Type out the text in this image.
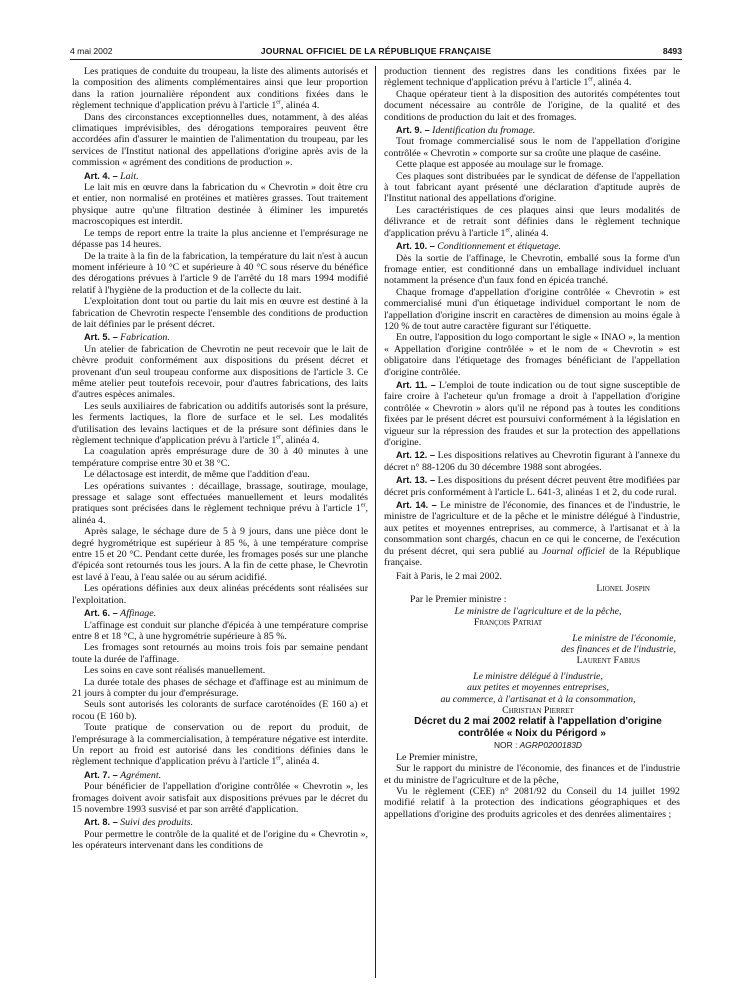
4 mai 2002	JOURNAL OFFICIEL DE LA RÉPUBLIQUE FRANÇAISE	8493

Les pratiques de conduite du troupeau, la liste des aliments autorisés et la composition des aliments complémentaires ainsi que leur proportion dans la ration journalière répondent aux conditions fixées dans le règlement technique d'application prévu à l'article 1er, alinéa 4.

Dans des circonstances exceptionnelles dues, notamment, à des aléas climatiques imprévisibles, des dérogations temporaires peuvent être accordées afin d'assurer le maintien de l'alimentation du troupeau, par les services de l'Institut national des appellations d'origine après avis de la commission « agrément des conditions de production ».

Art. 4. – Lait.

Le lait mis en œuvre dans la fabrication du « Chevrotin » doit être cru et entier, non normalisé en protéines et matières grasses. Tout traitement physique autre qu'une filtration destinée à éliminer les impuretés macroscopiques est interdit.

Le temps de report entre la traite la plus ancienne et l'emprésurage ne dépasse pas 14 heures.

De la traite à la fin de la fabrication, la température du lait n'est à aucun moment inférieure à 10 °C et supérieure à 40 °C sous réserve du bénéfice des dérogations prévues à l'article 9 de l'arrêté du 18 mars 1994 modifié relatif à l'hygiène de la production et de la collecte du lait.

L'exploitation dont tout ou partie du lait mis en œuvre est destiné à la fabrication de Chevrotin respecte l'ensemble des conditions de production de lait définies par le présent décret.

Art. 5. – Fabrication.

Un atelier de fabrication de Chevrotin ne peut recevoir que le lait de chèvre produit conformément aux dispositions du présent décret et provenant d'un seul troupeau conforme aux dispositions de l'article 3. Ce même atelier peut toutefois recevoir, pour d'autres fabrications, des laits d'autres espèces animales.

Les seuls auxiliaires de fabrication ou additifs autorisés sont la présure, les ferments lactiques, la flore de surface et le sel. Les modalités d'utilisation des levains lactiques et de la présure sont définies dans le règlement technique d'application prévu à l'article 1er, alinéa 4.

La coagulation après emprésurage dure de 30 à 40 minutes à une température comprise entre 30 et 38 °C.

Le délactosage est interdit, de même que l'addition d'eau.

Les opérations suivantes : décaillage, brassage, soutirage, moulage, pressage et salage sont effectuées manuellement et leurs modalités pratiques sont précisées dans le règlement technique prévu à l'article 1er, alinéa 4.

Après salage, le séchage dure de 5 à 9 jours, dans une pièce dont le degré hygrométrique est supérieur à 85 %, à une température comprise entre 15 et 20 °C. Pendant cette durée, les fromages posés sur une planche d'épicéa sont retournés tous les jours. A la fin de cette phase, le Chevrotin est lavé à l'eau, à l'eau salée ou au sérum acidifié.

Les opérations définies aux deux alinéas précédents sont réalisées sur l'exploitation.

Art. 6. – Affinage.

L'affinage est conduit sur planche d'épicéa à une température comprise entre 8 et 18 °C, à une hygrométrie supérieure à 85 %.

Les fromages sont retournés au moins trois fois par semaine pendant toute la durée de l'affinage.

Les soins en cave sont réalisés manuellement.

La durée totale des phases de séchage et d'affinage est au minimum de 21 jours à compter du jour d'emprésurage.

Seuls sont autorisés les colorants de surface caroténoïdes (E 160 a) et rocou (E 160 b).

Toute pratique de conservation ou de report du produit, de l'emprésurage à la commercialisation, à température négative est interdite. Un report au froid est autorisé dans les conditions définies dans le règlement technique d'application prévu à l'article 1er, alinéa 4.

Art. 7. – Agrément.

Pour bénéficier de l'appellation d'origine contrôlée « Chevrotin », les fromages doivent avoir satisfait aux dispositions prévues par le décret du 15 novembre 1993 susvisé et par son arrêté d'application.

Art. 8. – Suivi des produits.

Pour permettre le contrôle de la qualité et de l'origine du « Chevrotin », les opérateurs intervenant dans les conditions de

production tiennent des registres dans les conditions fixées par le règlement technique d'application prévu à l'article 1er, alinéa 4.

Chaque opérateur tient à la disposition des autorités compétentes tout document nécessaire au contrôle de l'origine, de la qualité et des conditions de production du lait et des fromages.

Art. 9. – Identification du fromage.

Tout fromage commercialisé sous le nom de l'appellation d'origine contrôlée « Chevrotin » comporte sur sa croûte une plaque de caséine.

Cette plaque est apposée au moulage sur le fromage.

Ces plaques sont distribuées par le syndicat de défense de l'appellation à tout fabricant ayant présenté une déclaration d'aptitude auprès de l'Institut national des appellations d'origine.

Les caractéristiques de ces plaques ainsi que leurs modalités de délivrance et de retrait sont définies dans le règlement technique d'application prévu à l'article 1er, alinéa 4.

Art. 10. – Conditionnement et étiquetage.

Dès la sortie de l'affinage, le Chevrotin, emballé sous la forme d'un fromage entier, est conditionné dans un emballage individuel incluant notamment la présence d'un faux fond en épicéa tranché.

Chaque fromage d'appellation d'origine contrôlée « Chevrotin » est commercialisé muni d'un étiquetage individuel comportant le nom de l'appellation d'origine inscrit en caractères de dimension au moins égale à 120 % de tout autre caractère figurant sur l'étiquette.

En outre, l'apposition du logo comportant le sigle « INAO », la mention « Appellation d'origine contrôlée » et le nom de « Chevrotin » est obligatoire dans l'étiquetage des fromages bénéficiant de l'appellation d'origine contrôlée.

Art. 11. – L'emploi de toute indication ou de tout signe susceptible de faire croire à l'acheteur qu'un fromage a droit à l'appellation d'origine contrôlée « Chevrotin » alors qu'il ne répond pas à toutes les conditions fixées par le présent décret est poursuivi conformément à la législation en vigueur sur la répression des fraudes et sur la protection des appellations d'origine.

Art. 12. – Les dispositions relatives au Chevrotin figurant à l'annexe du décret n° 88-1206 du 30 décembre 1988 sont abrogées.

Art. 13. – Les dispositions du présent décret peuvent être modifiées par décret pris conformément à l'article L. 641-3, alinéas 1 et 2, du code rural.

Art. 14. – Le ministre de l'économie, des finances et de l'industrie, le ministre de l'agriculture et de la pêche et le ministre délégué à l'industrie, aux petites et moyennes entreprises, au commerce, à l'artisanat et à la consommation sont chargés, chacun en ce qui le concerne, de l'exécution du présent décret, qui sera publié au Journal officiel de la République française.

Fait à Paris, le 2 mai 2002.

Lionel Jospin

Par le Premier ministre :

Le ministre de l'agriculture et de la pêche,

François Patriat

Le ministre de l'économie,

des finances et de l'industrie,

Laurent Fabius

Le ministre délégué à l'industrie,

aux petites et moyennes entreprises,

au commerce, à l'artisanat et à la consommation,

Christian Pierret

Décret du 2 mai 2002 relatif à l'appellation d'origine contrôlée « Noix du Périgord »

NOR : AGRP0200183D

Le Premier ministre,

Sur le rapport du ministre de l'économie, des finances et de l'industrie et du ministre de l'agriculture et de la pêche,

Vu le règlement (CEE) n° 2081/92 du Conseil du 14 juillet 1992 modifié relatif à la protection des indications géographiques et des appellations d'origine des produits agricoles et des denrées alimentaires ;
